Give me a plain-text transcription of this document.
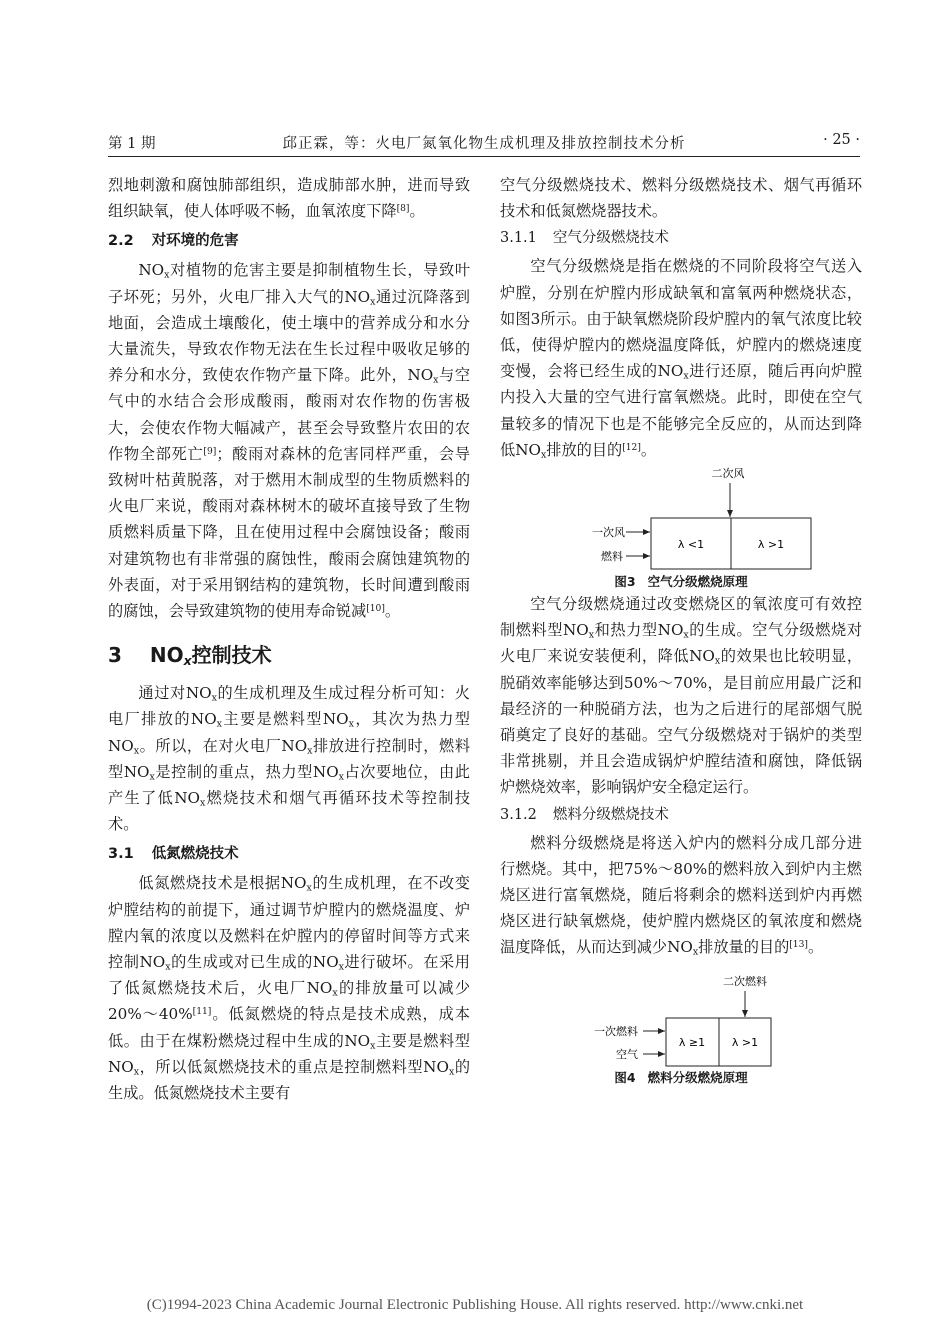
第 1 期	邱正霖，等：火电厂氮氧化物生成机理及排放控制技术分析	· 25 ·

烈地刺激和腐蚀肺部组织，造成肺部水肿，进而导致组织缺氧，使人体呼吸不畅，血氧浓度下降[8]。

2.2 对环境的危害

$NO_x$对植物的危害主要是抑制植物生长，导致叶子坏死；另外，火电厂排入大气的$NO_x$通过沉降落到地面，会造成土壤酸化，使土壤中的营养成分和水分大量流失，导致农作物无法在生长过程中吸收足够的养分和水分，致使农作物产量下降。此外，$NO_x$与空气中的水结合会形成酸雨，酸雨对农作物的伤害极大，会使农作物大幅减产，甚至会导致整片农田的农作物全部死亡[9]；酸雨对森林的危害同样严重，会导致树叶枯黄脱落，对于燃用木制成型的生物质燃料的火电厂来说，酸雨对森林树木的破坏直接导致了生物质燃料质量下降，且在使用过程中会腐蚀设备；酸雨对建筑物也有非常强的腐蚀性，酸雨会腐蚀建筑物的外表面，对于采用钢结构的建筑物，长时间遭到酸雨的腐蚀，会导致建筑物的使用寿命锐减[10]。

3 $NO_x$控制技术

通过对$NO_x$的生成机理及生成过程分析可知：火电厂排放的$NO_x$主要是燃料型$NO_x$，其次为热力型$NO_x$。所以，在对火电厂$NO_x$排放进行控制时，燃料型$NO_x$是控制的重点，热力型$NO_x$占次要地位，由此产生了低$NO_x$燃烧技术和烟气再循环技术等控制技术。

3.1 低氮燃烧技术

低氮燃烧技术是根据$NO_x$的生成机理，在不改变炉膛结构的前提下，通过调节炉膛内的燃烧温度、炉膛内氧的浓度以及燃料在炉膛内的停留时间等方式来控制$NO_x$的生成或对已生成的$NO_x$进行破坏。在采用了低氮燃烧技术后，火电厂$NO_x$的排放量可以减少20%～40%[11]。低氮燃烧的特点是技术成熟，成本低。由于在煤粉燃烧过程中生成的$NO_x$主要是燃料型$NO_x$，所以低氮燃烧技术的重点是控制燃料型$NO_x$的生成。低氮燃烧技术主要有

空气分级燃烧技术、燃料分级燃烧技术、烟气再循环技术和低氮燃烧器技术。

3.1.1 空气分级燃烧技术

空气分级燃烧是指在燃烧的不同阶段将空气送入炉膛，分别在炉膛内形成缺氧和富氧两种燃烧状态，如图3所示。由于缺氧燃烧阶段炉膛内的氧气浓度比较低，使得炉膛内的燃烧温度降低，炉膛内的燃烧速度变慢，会将已经生成的$NO_x$进行还原，随后再向炉膛内投入大量的空气进行富氧燃烧。此时，即使在空气量较多的情况下也是不能够完全反应的，从而达到降低$NO_x$排放的目的[12]。

二次风
λ <1	λ >1
一次风
燃料
图3 空气分级燃烧原理

空气分级燃烧通过改变燃烧区的氧浓度可有效控制燃料型$NO_x$和热力型$NO_x$的生成。空气分级燃烧对火电厂来说安装便利，降低$NO_x$的效果也比较明显，脱硝效率能够达到50%～70%，是目前应用最广泛和最经济的一种脱硝方法，也为之后进行的尾部烟气脱硝奠定了良好的基础。空气分级燃烧对于锅炉的类型非常挑剔，并且会造成锅炉炉膛结渣和腐蚀，降低锅炉燃烧效率，影响锅炉安全稳定运行。

3.1.2 燃料分级燃烧技术

燃料分级燃烧是将送入炉内的燃料分成几部分进行燃烧。其中，把75%～80%的燃料放入到炉内主燃烧区进行富氧燃烧，随后将剩余的燃料送到炉内再燃烧区进行缺氧燃烧，使炉膛内燃烧区的氧浓度和燃烧温度降低，从而达到减少$NO_x$排放量的目的[13]。

二次燃料
λ ≥1 λ >1
一次燃料
空气
图4 燃料分级燃烧原理
(C)1994-2023 China Academic Journal Electronic Publishing House. All rights reserved. http://www.cnki.net
